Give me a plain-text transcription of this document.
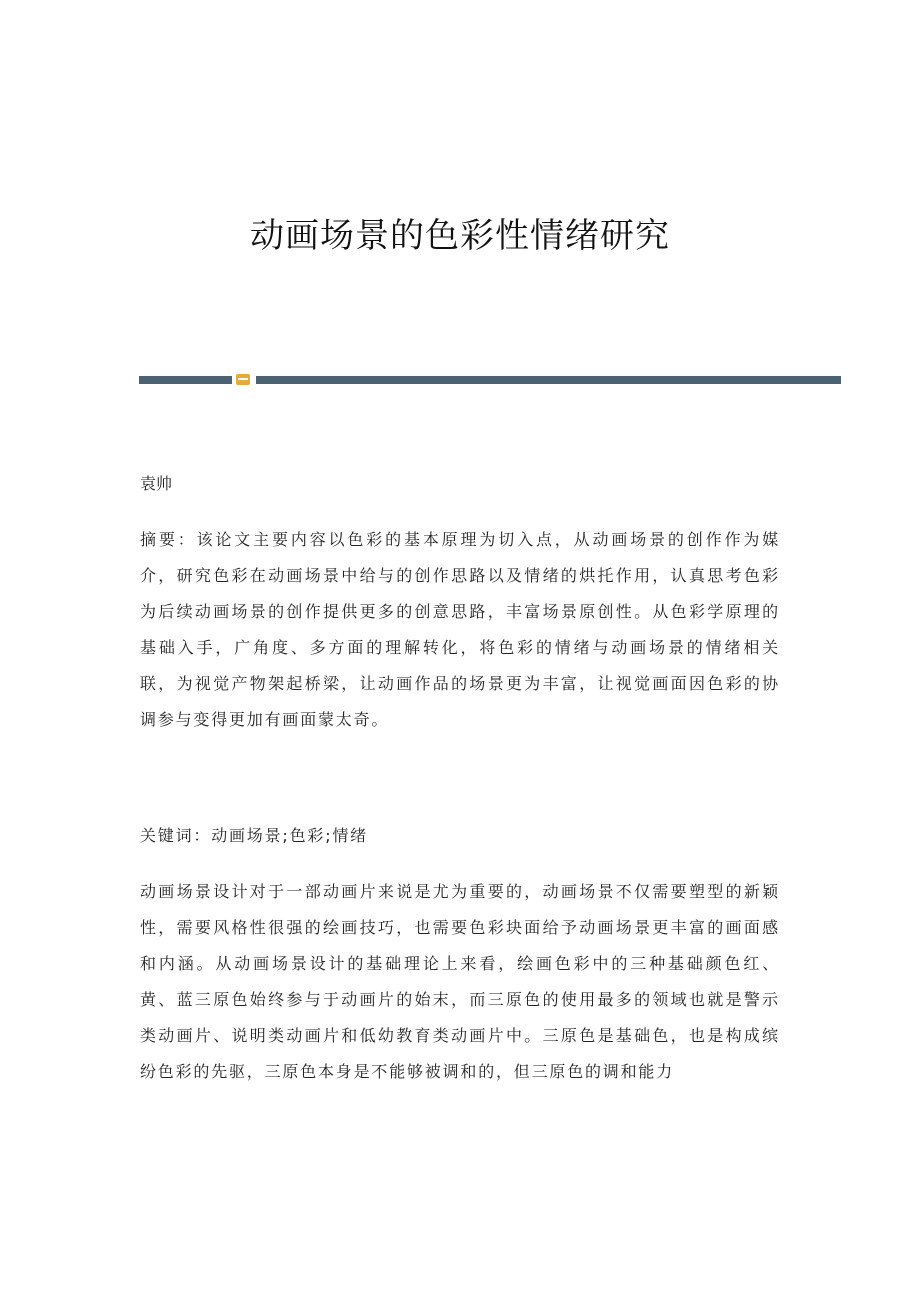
动画场景的色彩性情绪研究
袁帅

摘要：该论文主要内容以色彩的基本原理为切入点，从动画场景的创作作为媒介，研究色彩在动画场景中给与的创作思路以及情绪的烘托作用，认真思考色彩为后续动画场景的创作提供更多的创意思路，丰富场景原创性。从色彩学原理的基础入手，广角度、多方面的理解转化，将色彩的情绪与动画场景的情绪相关联，为视觉产物架起桥梁，让动画作品的场景更为丰富，让视觉画面因色彩的协调参与变得更加有画面蒙太奇。

关键词：动画场景;色彩;情绪

动画场景设计对于一部动画片来说是尤为重要的，动画场景不仅需要塑型的新颖性，需要风格性很强的绘画技巧，也需要色彩块面给予动画场景更丰富的画面感和内涵。从动画场景设计的基础理论上来看，绘画色彩中的三种基础颜色红、黄、蓝三原色始终参与于动画片的始末，而三原色的使用最多的领域也就是警示类动画片、说明类动画片和低幼教育类动画片中。三原色是基础色，也是构成缤纷色彩的先驱，三原色本身是不能够被调和的，但三原色的调和能力
